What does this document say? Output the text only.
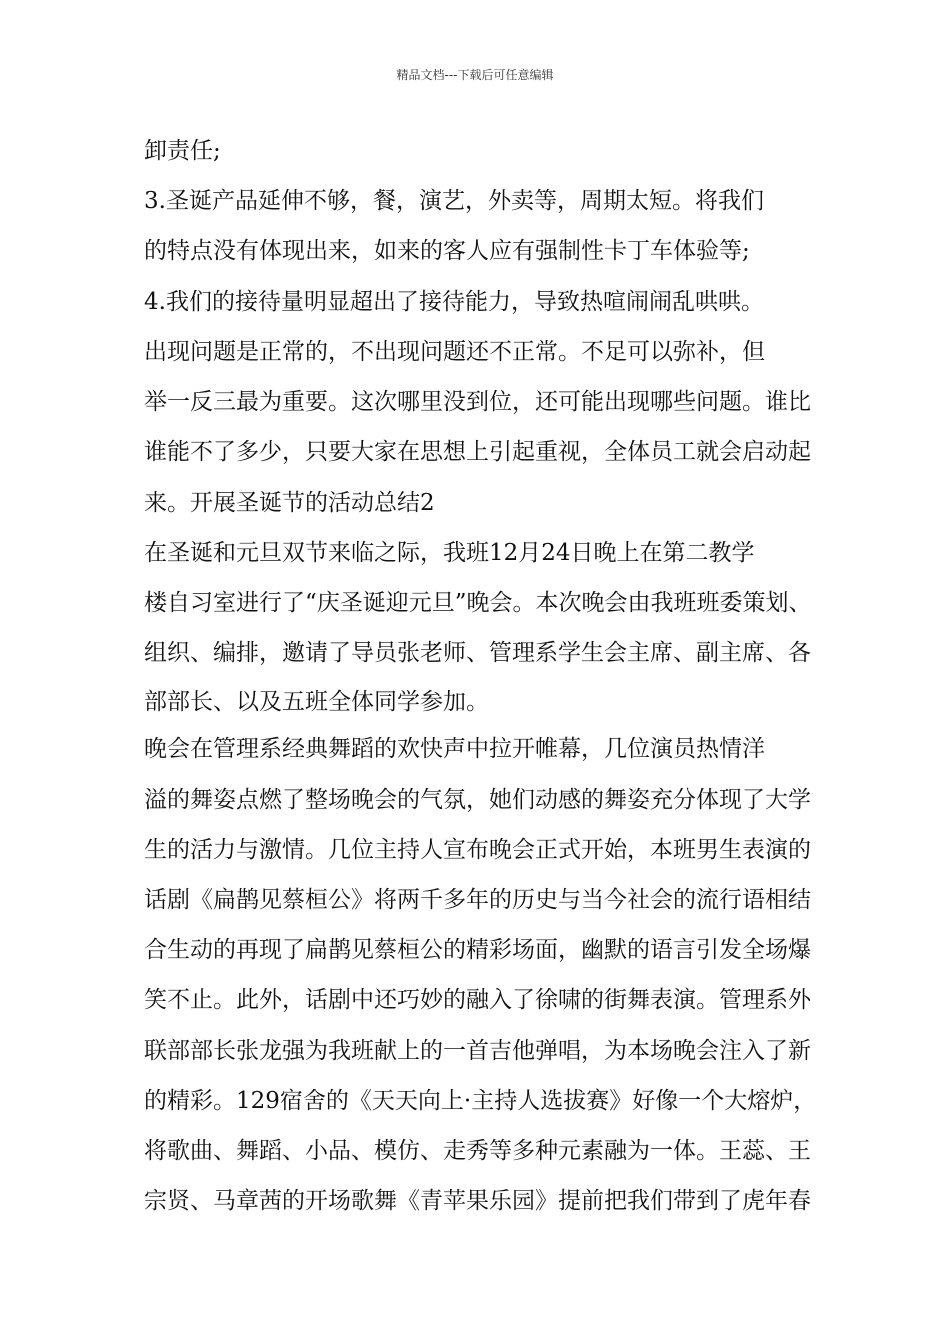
精品文档---下载后可任意编辑
卸责任;
3.圣诞产品延伸不够，餐，演艺，外卖等，周期太短。将我们
的特点没有体现出来，如来的客人应有强制性卡丁车体验等;
4.我们的接待量明显超出了接待能力，导致热喧闹闹乱哄哄。
出现问题是正常的，不出现问题还不正常。不足可以弥补，但
举一反三最为重要。这次哪里没到位，还可能出现哪些问题。谁比
谁能不了多少，只要大家在思想上引起重视，全体员工就会启动起
来。开展圣诞节的活动总结2
在圣诞和元旦双节来临之际，我班12月24日晚上在第二教学
楼自习室进行了“庆圣诞迎元旦”晚会。本次晚会由我班班委策划、
组织、编排，邀请了导员张老师、管理系学生会主席、副主席、各
部部长、以及五班全体同学参加。
晚会在管理系经典舞蹈的欢快声中拉开帷幕，几位演员热情洋
溢的舞姿点燃了整场晚会的气氛，她们动感的舞姿充分体现了大学
生的活力与激情。几位主持人宣布晚会正式开始，本班男生表演的
话剧《扁鹊见蔡桓公》将两千多年的历史与当今社会的流行语相结
合生动的再现了扁鹊见蔡桓公的精彩场面，幽默的语言引发全场爆
笑不止。此外，话剧中还巧妙的融入了徐啸的街舞表演。管理系外
联部部长张龙强为我班献上的一首吉他弹唱，为本场晚会注入了新
的精彩。129宿舍的《天天向上·主持人选拔赛》好像一个大熔炉，
将歌曲、舞蹈、小品、模仿、走秀等多种元素融为一体。王蕊、王
宗贤、马章茜的开场歌舞《青苹果乐园》提前把我们带到了虎年春
